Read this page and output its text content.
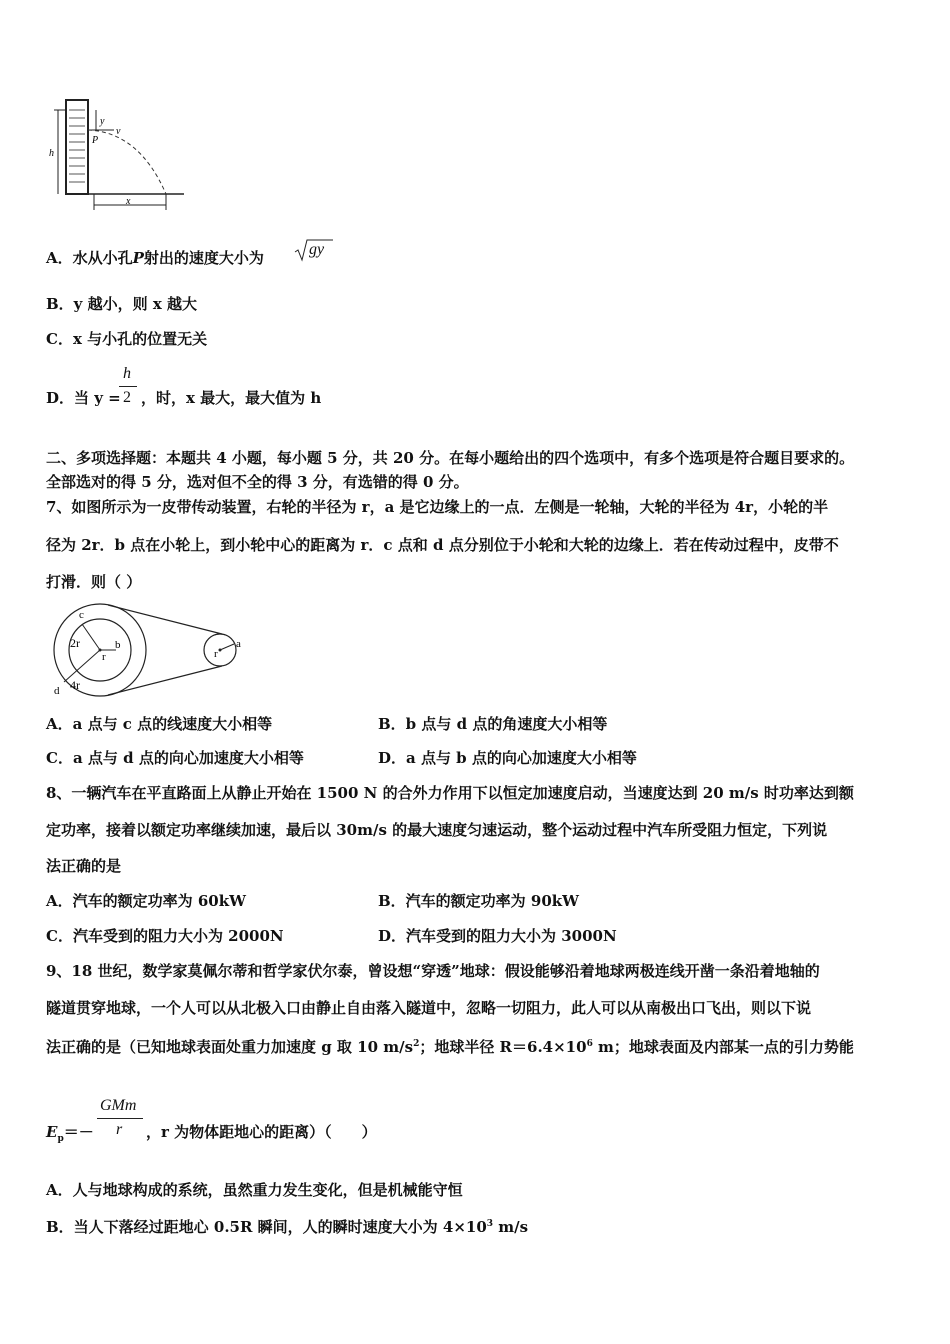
y
v
P
h
x
A．水从小孔P射出的速度大小为	gy
B．y 越小，则 x 越大
C．x 与小孔的位置无关
D．当 y =
h
2 ，时，x 最大，最大值为 h
二、多项选择题：本题共 4 小题，每小题 5 分，共 20 分。在每小题给出的四个选项中，有多个选项是符合题目要求的。
全部选对的得 5 分，选对但不全的得 3 分，有选错的得 0 分。
7、如图所示为一皮带传动装置，右轮的半径为 r，a 是它边缘上的一点．左侧是一轮轴，大轮的半径为 4r，小轮的半
径为 2r．b 点在小轮上，到小轮中心的距离为 r．c 点和 d 点分别位于小轮和大轮的边缘上．若在传动过程中，皮带不
打滑．则（ ）
c
2r	b
r
4r
d
r
a
A．a 点与 c 点的线速度大小相等	B．b 点与 d 点的角速度大小相等
C．a 点与 d 点的向心加速度大小相等	D．a 点与 b 点的向心加速度大小相等
8、一辆汽车在平直路面上从静止开始在 1500 N 的合外力作用下以恒定加速度启动，当速度达到 20 m/s 时功率达到额
定功率，接着以额定功率继续加速，最后以 30m/s 的最大速度匀速运动，整个运动过程中汽车所受阻力恒定，下列说
法正确的是
A．汽车的额定功率为 60kW	B．汽车的额定功率为 90kW
C．汽车受到的阻力大小为 2000N	D．汽车受到的阻力大小为 3000N
9、18 世纪，数学家莫佩尔蒂和哲学家伏尔泰，曾设想“穿透”地球：假设能够沿着地球两极连线开凿一条沿着地轴的
隧道贯穿地球，一个人可以从北极入口由静止自由落入隧道中，忽略一切阻力，此人可以从南极出口飞出，则以下说
法正确的是（已知地球表面处重力加速度 g 取 10 $m/s^2$；地球半径 $R=6.4\times 10^6$ m；地球表面及内部某一点的引力势能
$E_p=-$
GMm
r ，r 为物体距地心的距离）（　　）
A．人与地球构成的系统，虽然重力发生变化，但是机械能守恒
B．当人下落经过距地心 0.5R 瞬间，人的瞬时速度大小为 $4\times 10^3$ m/s
